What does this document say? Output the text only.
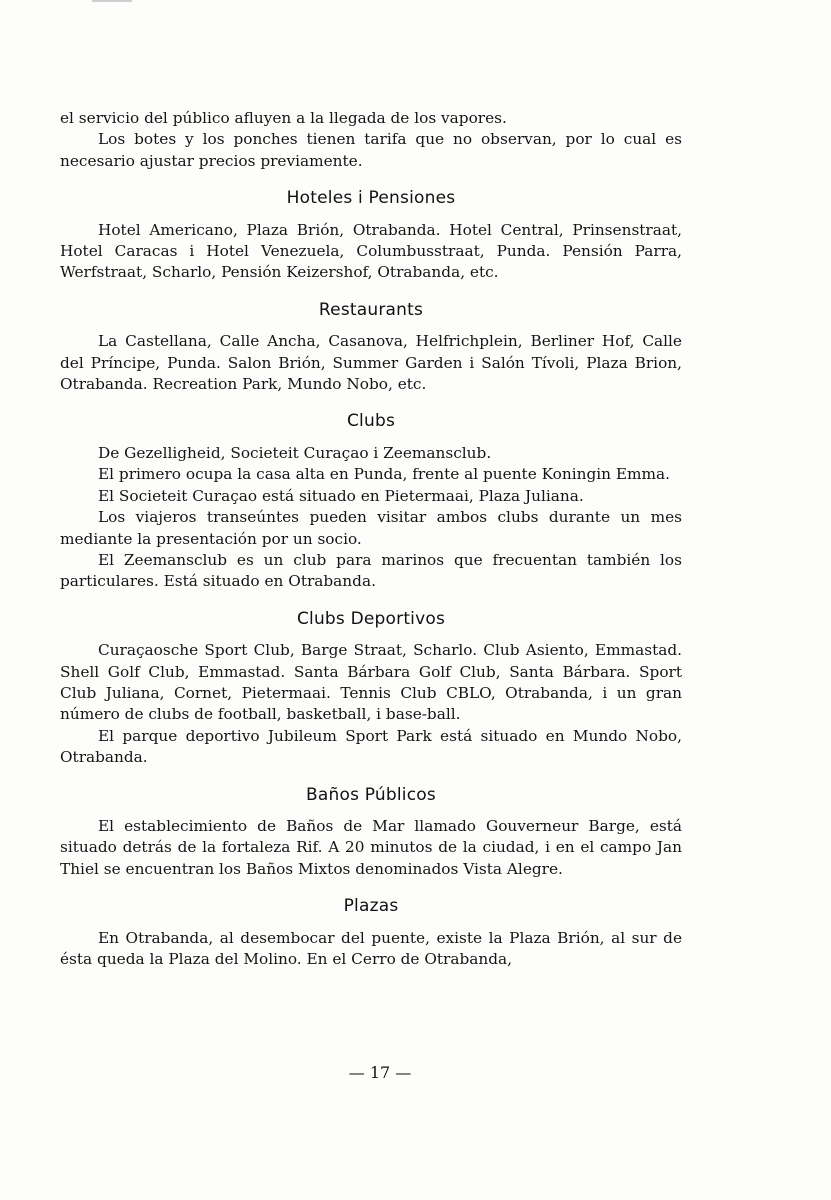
el servicio del público afluyen a la llegada de los vapores.

Los botes y los ponches tienen tarifa que no observan, por lo cual es necesario ajustar precios previamente.

Hoteles i Pensiones

Hotel Americano, Plaza Brión, Otrabanda. Hotel Central, Prinsenstraat, Hotel Caracas i Hotel Venezuela, Columbusstraat, Punda. Pensión Parra, Werfstraat, Scharlo, Pensión Keizershof, Otrabanda, etc.

Restaurants

La Castellana, Calle Ancha, Casanova, Helfrichplein, Berliner Hof, Calle del Príncipe, Punda. Salon Brión, Summer Garden i Salón Tívoli, Plaza Brion, Otrabanda. Recreation Park, Mundo Nobo, etc.

Clubs

De Gezelligheid, Societeit Curaçao i Zeemansclub.

El primero ocupa la casa alta en Punda, frente al puente Koningin Emma.

El Societeit Curaçao está situado en Pietermaai, Plaza Juliana.

Los viajeros transeúntes pueden visitar ambos clubs durante un mes mediante la presentación por un socio.

El Zeemansclub es un club para marinos que frecuentan también los particulares. Está situado en Otrabanda.

Clubs Deportivos

Curaçaosche Sport Club, Barge Straat, Scharlo. Club Asiento, Emmastad. Shell Golf Club, Emmastad. Santa Bárbara Golf Club, Santa Bárbara. Sport Club Juliana, Cornet, Pietermaai. Tennis Club CBLO, Otrabanda, i un gran número de clubs de football, basketball, i base-ball.

El parque deportivo Jubileum Sport Park está situado en Mundo Nobo, Otrabanda.

Baños Públicos

El establecimiento de Baños de Mar llamado Gouverneur Barge, está situado detrás de la fortaleza Rif. A 20 minutos de la ciudad, i en el campo Jan Thiel se encuentran los Baños Mixtos denominados Vista Alegre.

Plazas

En Otrabanda, al desembocar del puente, existe la Plaza Brión, al sur de ésta queda la Plaza del Molino. En el Cerro de Otrabanda,

— 17 —
